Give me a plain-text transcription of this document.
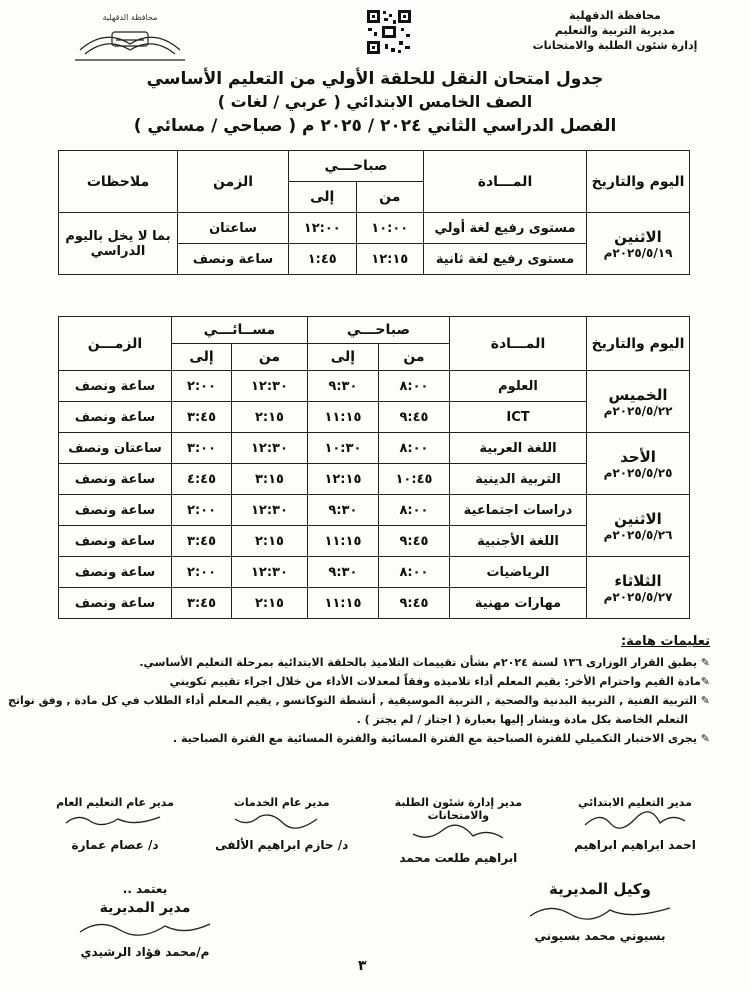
محافظة الدقهلية
مديرية التربية والتعليم
إدارة شئون الطلبة والامتحانات
محافظة الدقهلية
جدول امتحان النقل للحلقة الأولي من التعليم الأساسي
الصف الخامس الابتدائي ( عربي / لغات )
الفصل الدراسي الثاني ٢٠٢٤ / ٢٠٢٥ م ( صباحي / مسائي )
اليوم والتاريخ	المـــادة	صباحـــي		الزمن	ملاحظات
		من	إلى		

الاثنين
٢٠٢٥/٥/١٩م	مستوى رفيع لغة أولي	١٠:٠٠	١٢:٠٠	ساعتان	بما لا يخل باليوم الدراسي
	مستوى رفيع لغة ثانية	١٢:١٥	١:٤٥	ساعة ونصف	
اليوم والتاريخ	المـــادة	صباحـــي		مســائـــي		الزمـــن
		من	إلى	من	إلى	

الخميس
٢٠٢٥/٥/٢٢م	العلوم	٨:٠٠	٩:٣٠	١٢:٣٠	٢:٠٠	ساعة ونصف
	ICT	٩:٤٥	١١:١٥	٢:١٥	٣:٤٥	ساعة ونصف

الأحد
٢٠٢٥/٥/٢٥م	اللغة العربية	٨:٠٠	١٠:٣٠	١٢:٣٠	٣:٠٠	ساعتان ونصف
	التربية الدينية	١٠:٤٥	١٢:١٥	٣:١٥	٤:٤٥	ساعة ونصف

الاثنين
٢٠٢٥/٥/٢٦م	دراسات اجتماعية	٨:٠٠	٩:٣٠	١٢:٣٠	٢:٠٠	ساعة ونصف
	اللغة الأجنبية	٩:٤٥	١١:١٥	٢:١٥	٣:٤٥	ساعة ونصف

الثلاثاء
٢٠٢٥/٥/٢٧م	الرياضيات	٨:٠٠	٩:٣٠	١٢:٣٠	٢:٠٠	ساعة ونصف
	مهارات مهنية	٩:٤٥	١١:١٥	٢:١٥	٣:٤٥	ساعة ونصف
تعليمات هامة:
✎ يطبق القرار الوزارى ١٣٦ لسنة ٢٠٢٤م بشأن تقييمات التلاميذ بالحلقة الابتدائية بمرحلة التعليم الأساسي.
✎مادة القيم واحترام الأخر: يقيم المعلم أداء تلاميذه وفقاً لمعدلات الأداء من خلال اجراء تقييم تكويني
✎ التربية الفنية , التربية البدنية والصحية , التربية الموسيقية , أنشطة التوكاتسو , يقيم المعلم أداء الطلاب في كل مادة , وفق نواتج
التعلم الخاصة بكل مادة ويشار إليها بعبارة ( اجتاز / لم يجتز ) .
✎ يجرى الاختبار التكميلي للفترة الصباحية مع الفترة المسائية والفترة المسائية مع الفترة الصباحية .
مدير التعليم الابتدائي
احمد ابراهيم ابراهيم
مدير إدارة شئون الطلبة والامتحانات
ابراهيم طلعت محمد
مدير عام الخدمات
د/ حازم ابراهيم الألفى
مدير عام التعليم العام
د/ عصام عمارة
وكيل المديرية
بسيوني محمد بسيوني
يعتمد ..
مدير المديرية
م/محمد فؤاد الرشيدي
٣
